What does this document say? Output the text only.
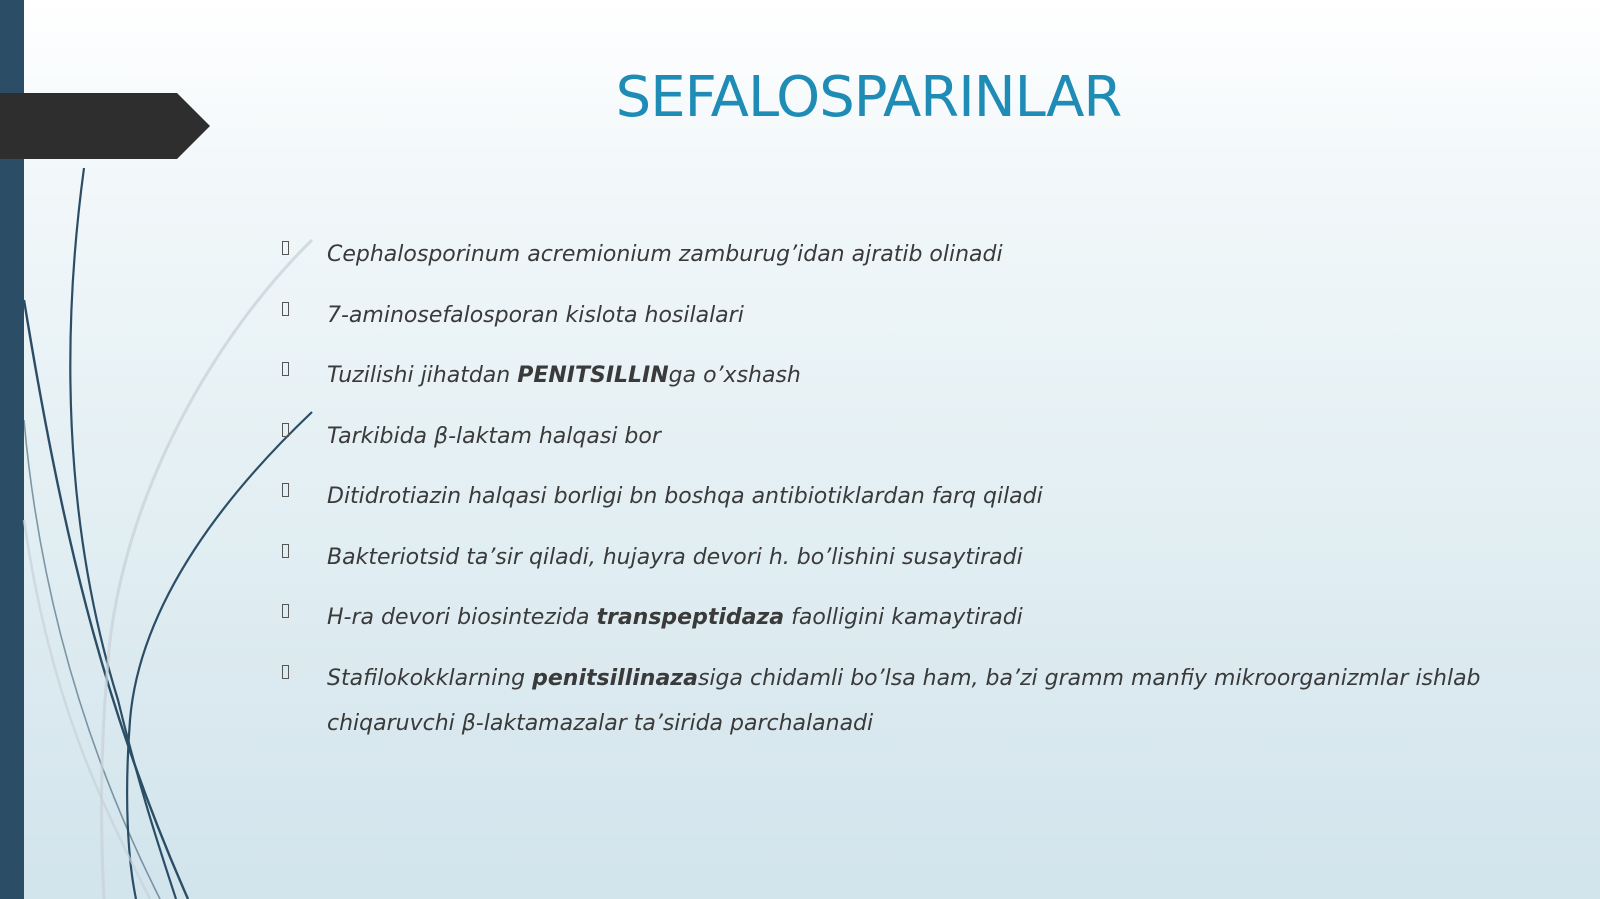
SEFALOSPARINLAR
Cephalosporinum acremionium zamburug’idan ajratib olinadi
7-aminosefalosporan kislota hosilalari
Tuzilishi jihatdan PENITSILLINga o’xshash
Tarkibida β-laktam halqasi bor
Ditidrotiazin halqasi borligi bn boshqa antibiotiklardan farq qiladi
Bakteriotsid ta’sir qiladi, hujayra devori h. bo’lishini susaytiradi
H-ra devori biosintezida transpeptidaza faolligini kamaytiradi
Stafilokokklarning penitsillinazasiga chidamli bo’lsa ham, ba’zi gramm manfiy mikroorganizmlar ishlab chiqaruvchi β-laktamazalar ta’sirida parchalanadi
